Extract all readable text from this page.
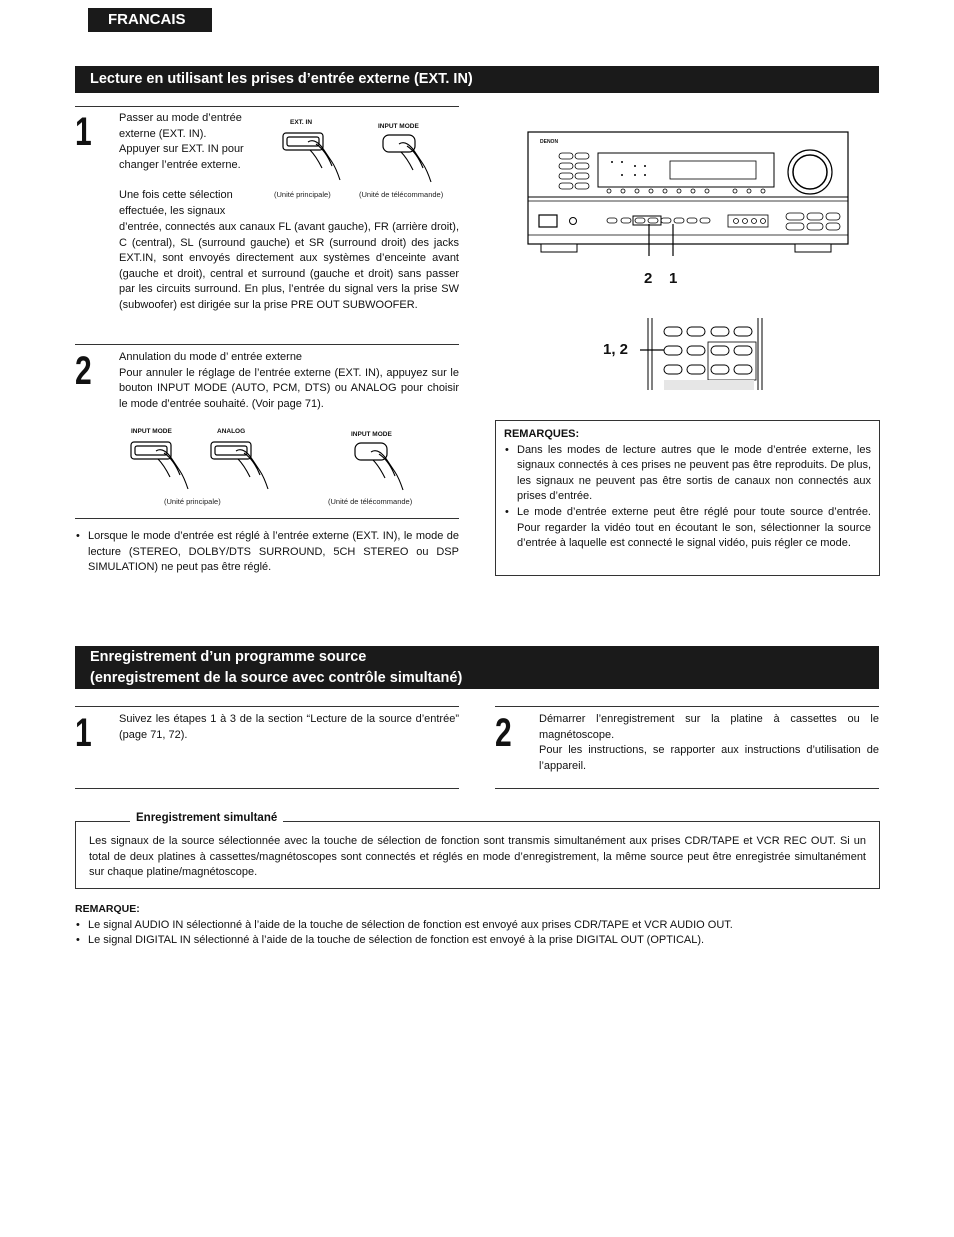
FRANCAIS
Lecture en utilisant les prises d’entrée externe (EXT. IN)
1 Passer au mode d’entrée externe (EXT. IN).
Appuyer sur EXT. IN pour changer l’entrée externe.
Une fois cette sélection effectuée, les signaux
d’entrée, connectés aux canaux FL (avant gauche), FR (arrière droit), C (central), SL (surround gauche) et SR (surround droit) des jacks EXT.IN, sont envoyés directement aux systèmes d’enceinte avant (gauche et droit), central et surround (gauche et droit) sans passer par les circuits surround. En plus, l’entrée du signal vers la prise SW (subwoofer) est dirigée sur la prise PRE OUT SUBWOOFER.
EXT. IN
INPUT MODE
(Unité principale)	(Unité de télécommande)
2 Annulation du mode d’ entrée externe
Pour annuler le réglage de l’entrée externe (EXT. IN), appuyez sur le bouton INPUT MODE (AUTO, PCM, DTS) ou ANALOG pour choisir le mode d’entrée souhaité. (Voir page 71).
INPUT MODE	ANALOG	INPUT MODE
(Unité principale)	(Unité de télécommande)
• Lorsque le mode d’entrée est réglé à l’entrée externe (EXT. IN), le mode de lecture (STEREO, DOLBY/DTS SURROUND, 5CH STEREO ou DSP SIMULATION) ne peut pas être réglé.
DENON
2 1
1, 2
REMARQUES:
• Dans les modes de lecture autres que le mode d’entrée externe, les signaux connectés à ces prises ne peuvent pas être reproduits. De plus, les signaux ne peuvent pas être sortis de canaux non connectés aux prises d’entrée.
• Le mode d’entrée externe peut être réglé pour toute source d’entrée. Pour regarder la vidéo tout en écoutant le son, sélectionner la source d’entrée à laquelle est connecté le signal vidéo, puis régler ce mode.
Enregistrement d’un programme source
(enregistrement de la source avec contrôle simultané)
1 Suivez les étapes 1 à 3 de la section “Lecture de la source d’entrée” (page 71, 72).	2 Démarrer l’enregistrement sur la platine à cassettes ou le magnétoscope.
Pour les instructions, se rapporter aux instructions d’utilisation de l’appareil.
Les signaux de la source sélectionnée avec la touche de sélection de fonction sont transmis simultanément aux prises CDR/TAPE et VCR REC OUT. Si un total de deux platines à cassettes/magnétoscopes sont connectés et réglés en mode d’enregistrement, la même source peut être enregistrée simultanément sur chaque platine/magnétoscope.
Enregistrement simultané
REMARQUE:
• Le signal AUDIO IN sélectionné à l’aide de la touche de sélection de fonction est envoyé aux prises CDR/TAPE et VCR AUDIO OUT.
• Le signal DIGITAL IN sélectionné à l’aide de la touche de sélection de fonction est envoyé à la prise DIGITAL OUT (OPTICAL).
